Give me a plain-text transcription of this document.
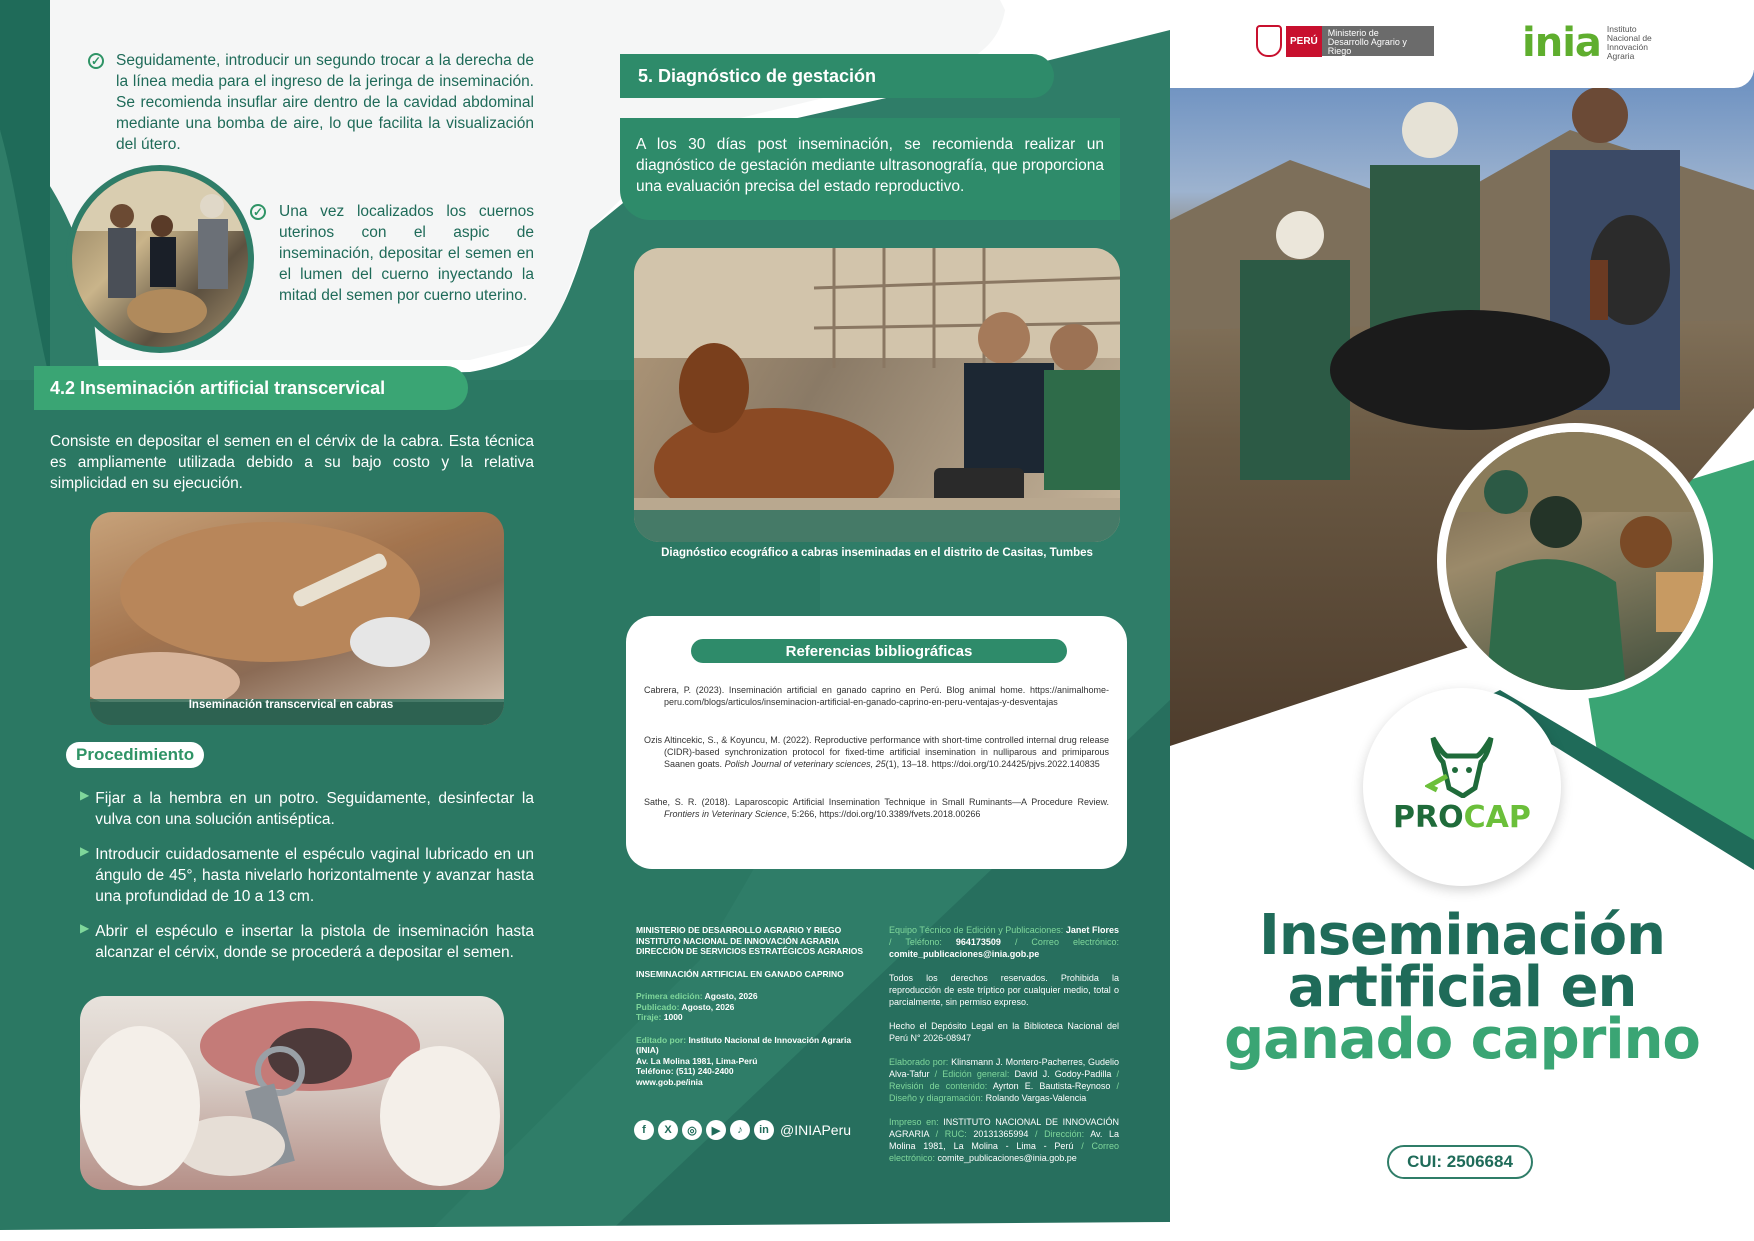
✓ Seguidamente, introducir un segundo trocar a la derecha de la línea media para el ingreso de la jeringa de inseminación. Se recomienda insuflar aire dentro de la cavidad abdominal mediante una bomba de aire, lo que facilita la visualización del útero.
✓ Una vez localizados los cuernos uterinos con el aspic de inseminación, depositar el semen en el lumen del cuerno inyectando la mitad del semen por cuerno uterino.
4.2 Inseminación artificial transcervical
Consiste en depositar el semen en el cérvix de la cabra. Esta técnica es ampliamente utilizada debido a su bajo costo y la relativa simplicidad en su ejecución.
Inseminación transcervical en cabras
Procedimiento
▶ Fijar a la hembra en un potro. Seguidamente, desinfectar la vulva con una solución antiséptica.
▶ Introducir cuidadosamente el espéculo vaginal lubricado en un ángulo de 45°, hasta nivelarlo horizontalmente y avanzar hasta una profundidad de 10 a 13 cm.
▶ Abrir el espéculo e insertar la pistola de inseminación hasta alcanzar el cérvix, donde se procederá a depositar el semen.
5. Diagnóstico de gestación
A los 30 días post inseminación, se recomienda realizar un diagnóstico de gestación mediante ultrasonografía, que proporciona una evaluación precisa del estado reproductivo.
Diagnóstico ecográfico a cabras inseminadas en el distrito de Casitas, Tumbes
Referencias bibliográficas

Cabrera, P. (2023). Inseminación artificial en ganado caprino en Perú. Blog animal home. https://animalhome-peru.com/blogs/articulos/inseminacion-artificial-en-ganado-caprino-en-peru-ventajas-y-desventajas

Ozis Altincekic, S., & Koyuncu, M. (2022). Reproductive performance with short-time controlled internal drug release (CIDR)-based synchronization protocol for fixed-time artificial insemination in nulliparous and primiparous Saanen goats. Polish Journal of veterinary sciences, 25(1), 13–18. https://doi.org/10.24425/pjvs.2022.140835

Sathe, S. R. (2018). Laparoscopic Artificial Insemination Technique in Small Ruminants—A Procedure Review. Frontiers in Veterinary Science, 5:266, https://doi.org/10.3389/fvets.2018.00266

MINISTERIO DE DESARROLLO AGRARIO Y RIEGO
INSTITUTO NACIONAL DE INNOVACIÓN AGRARIA
DIRECCIÓN DE SERVICIOS ESTRATÉGICOS AGRARIOS
INSEMINACIÓN ARTIFICIAL EN GANADO CAPRINO
Primera edición: Agosto, 2026
Publicado: Agosto, 2026
Tiraje: 1000
Editado por: Instituto Nacional de Innovación Agraria (INIA)
Av. La Molina 1981, Lima-Perú
Teléfono: (511) 240-2400
www.gob.pe/inia
f	X	◎	▶	♪	in @INIAPeru
Equipo Técnico de Edición y Publicaciones: Janet Flores / Teléfono: 964173509 / Correo electrónico: comite_publicaciones@inia.gob.pe
Todos los derechos reservados. Prohibida la reproducción de este tríptico por cualquier medio, total o parcialmente, sin permiso expreso.
Hecho el Depósito Legal en la Biblioteca Nacional del Perú N° 2026-08947
Elaborado por: Klinsmann J. Montero-Pacherres, Gudelio Alva-Tafur / Edición general: David J. Godoy-Padilla / Revisión de contenido: Ayrton E. Bautista-Reynoso / Diseño y diagramación: Rolando Vargas-Valencia
Impreso en: INSTITUTO NACIONAL DE INNOVACIÓN AGRARIA / RUC: 20131365994 / Dirección: Av. La Molina 1981, La Molina - Lima - Perú / Correo electrónico: comite_publicaciones@inia.gob.pe
PERÚ
Ministerio de Desarrollo Agrario y Riego	inia Instituto Nacional de Innovación Agraria
PROCAP
Inseminación
artificial en
ganado caprino
CUI: 2506684
